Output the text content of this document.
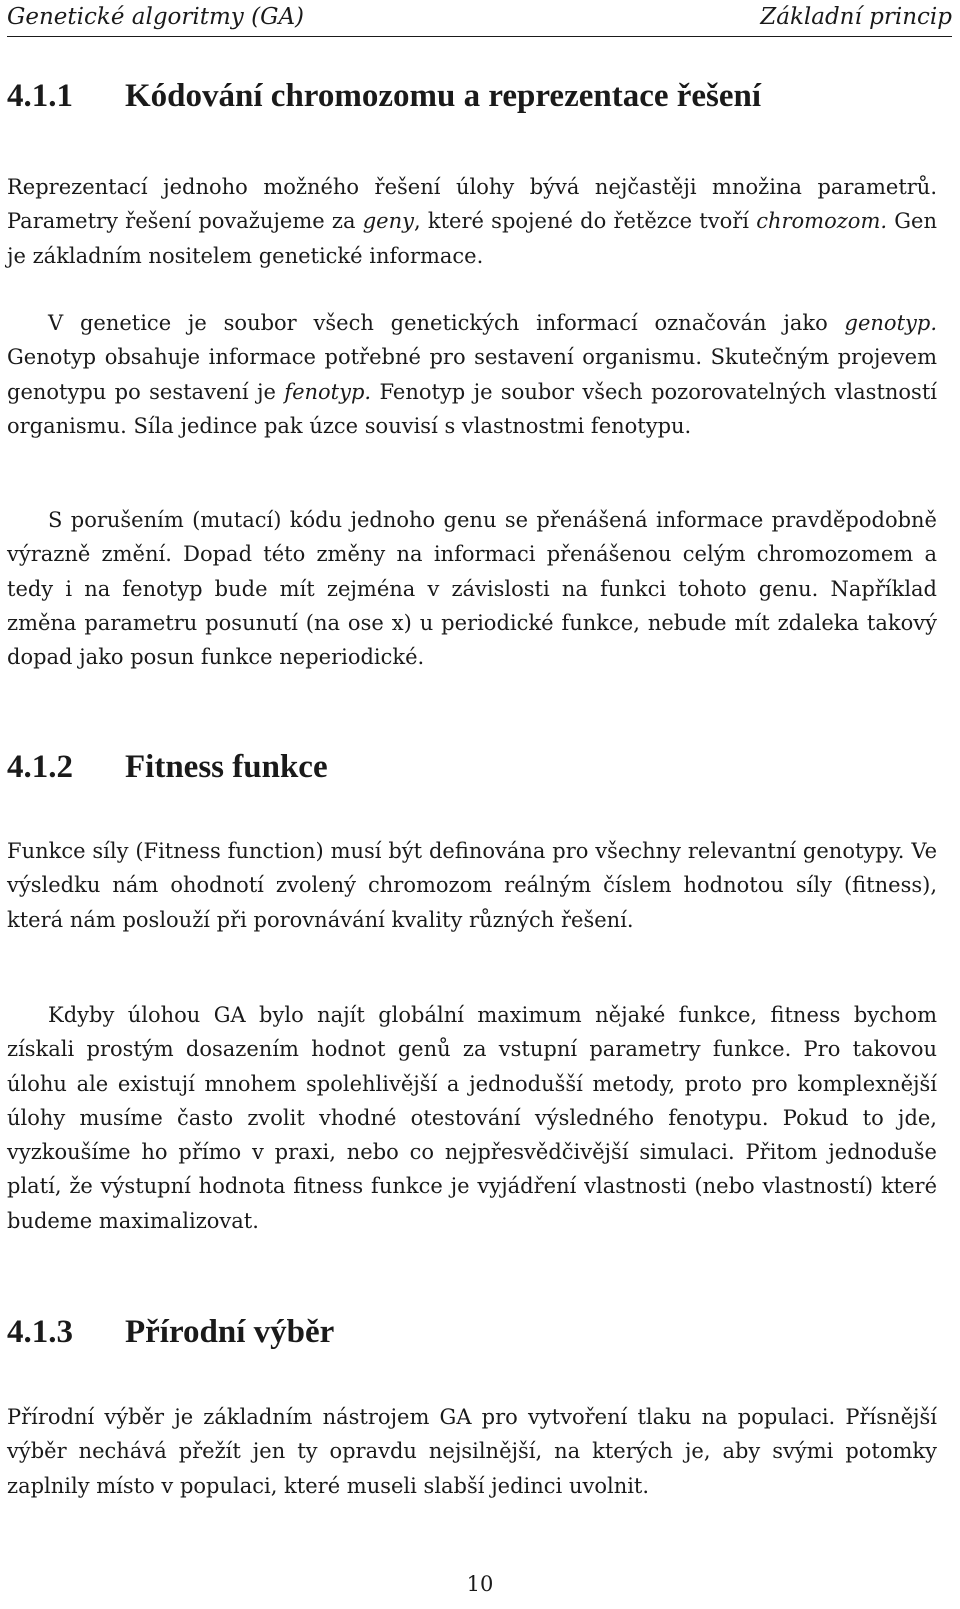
Genetické algoritmy (GA)	Základní princip
4.1.1 Kódování chromozomu a reprezentace řešení

Reprezentací jednoho možného řešení úlohy bývá nejčastěji množina parametrů. Parametry řešení považujeme za geny, které spojené do řetězce tvoří chromozom. Gen je základním nositelem genetické informace.

V genetice je soubor všech genetických informací označován jako genotyp. Genotyp obsahuje informace potřebné pro sestavení organismu. Skutečným projevem genotypu po sestavení je fenotyp. Fenotyp je soubor všech pozorovatelných vlastností organismu. Síla jedince pak úzce souvisí s vlastnostmi fenotypu.

S porušením (mutací) kódu jednoho genu se přenášená informace pravděpodobně výrazně změní. Dopad této změny na informaci přenášenou celým chromozomem a tedy i na fenotyp bude mít zejména v závislosti na funkci tohoto genu. Například změna parametru posunutí (na ose x) u periodické funkce, nebude mít zdaleka takový dopad jako posun funkce neperiodické.

4.1.2 Fitness funkce

Funkce síly (Fitness function) musí být definována pro všechny relevantní genotypy. Ve výsledku nám ohodnotí zvolený chromozom reálným číslem hodnotou síly (fitness), která nám poslouží při porovnávání kvality různých řešení.

Kdyby úlohou GA bylo najít globální maximum nějaké funkce, fitness bychom získali prostým dosazením hodnot genů za vstupní parametry funkce. Pro takovou úlohu ale existují mnohem spolehlivější a jednodušší metody, proto pro komplexnější úlohy musíme často zvolit vhodné otestování výsledného fenotypu. Pokud to jde, vyzkoušíme ho přímo v praxi, nebo co nejpřesvědčivější simulaci. Přitom jednoduše platí, že výstupní hodnota fitness funkce je vyjádření vlastnosti (nebo vlastností) které budeme maximalizovat.

4.1.3 Přírodní výběr

Přírodní výběr je základním nástrojem GA pro vytvoření tlaku na populaci. Přísnější výběr nechává přežít jen ty opravdu nejsilnější, na kterých je, aby svými potomky zaplnily místo v populaci, které museli slabší jedinci uvolnit.

10
